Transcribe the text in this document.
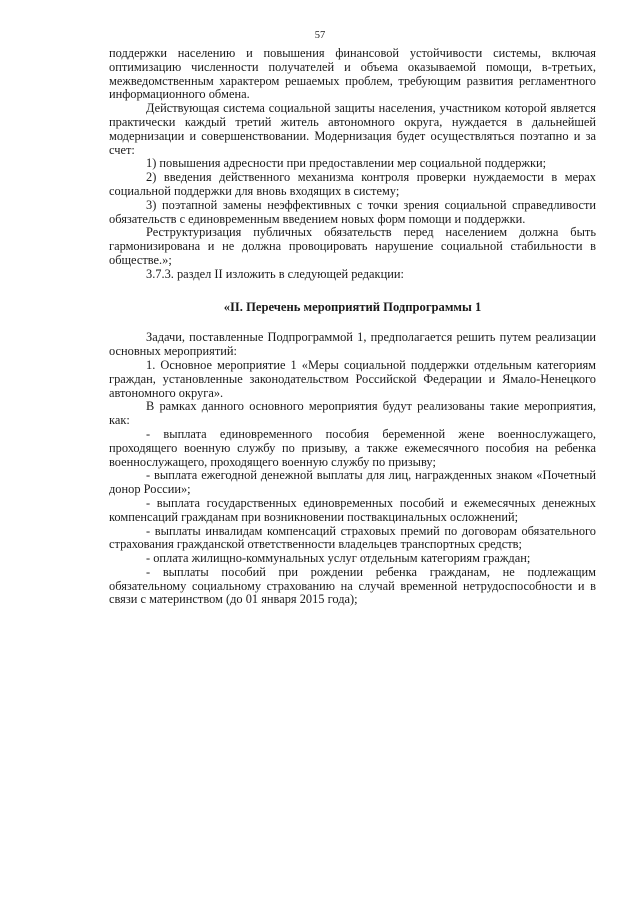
57

поддержки населению и повышения финансовой устойчивости системы, включая оптимизацию численности получателей и объема оказываемой помощи, в-третьих, межведомственным характером решаемых проблем, требующим развития регламентного информационного обмена.

Действующая система социальной защиты населения, участником которой является практически каждый третий житель автономного округа, нуждается в дальнейшей модернизации и совершенствовании. Модернизация будет осуществляться поэтапно и за счет:

1) повышения адресности при предоставлении мер социальной поддержки;

2) введения действенного механизма контроля проверки нуждаемости в мерах социальной поддержки для вновь входящих в систему;

3) поэтапной замены неэффективных с точки зрения социальной справедливости обязательств с единовременным введением новых форм помощи и поддержки.

Реструктуризация публичных обязательств перед населением должна быть гармонизирована и не должна провоцировать нарушение социальной стабильности в обществе.»;

3.7.3. раздел II изложить в следующей редакции:

«II. Перечень мероприятий Подпрограммы 1

Задачи, поставленные Подпрограммой 1, предполагается решить путем реализации основных мероприятий:

1. Основное мероприятие 1 «Меры социальной поддержки отдельным категориям граждан, установленные законодательством Российской Федерации и Ямало-Ненецкого автономного округа».

В рамках данного основного мероприятия будут реализованы такие мероприятия, как:

- выплата единовременного пособия беременной жене военнослужащего, проходящего военную службу по призыву, а также ежемесячного пособия на ребенка военнослужащего, проходящего военную службу по призыву;

- выплата ежегодной денежной выплаты для лиц, награжденных знаком «Почетный донор России»;

- выплата государственных единовременных пособий и ежемесячных денежных компенсаций гражданам при возникновении поствакцинальных осложнений;

- выплаты инвалидам компенсаций страховых премий по договорам обязательного страхования гражданской ответственности владельцев транспортных средств;

- оплата жилищно-коммунальных услуг отдельным категориям граждан;

- выплаты пособий при рождении ребенка гражданам, не подлежащим обязательному социальному страхованию на случай временной нетрудоспособности и в связи с материнством (до 01 января 2015 года);
